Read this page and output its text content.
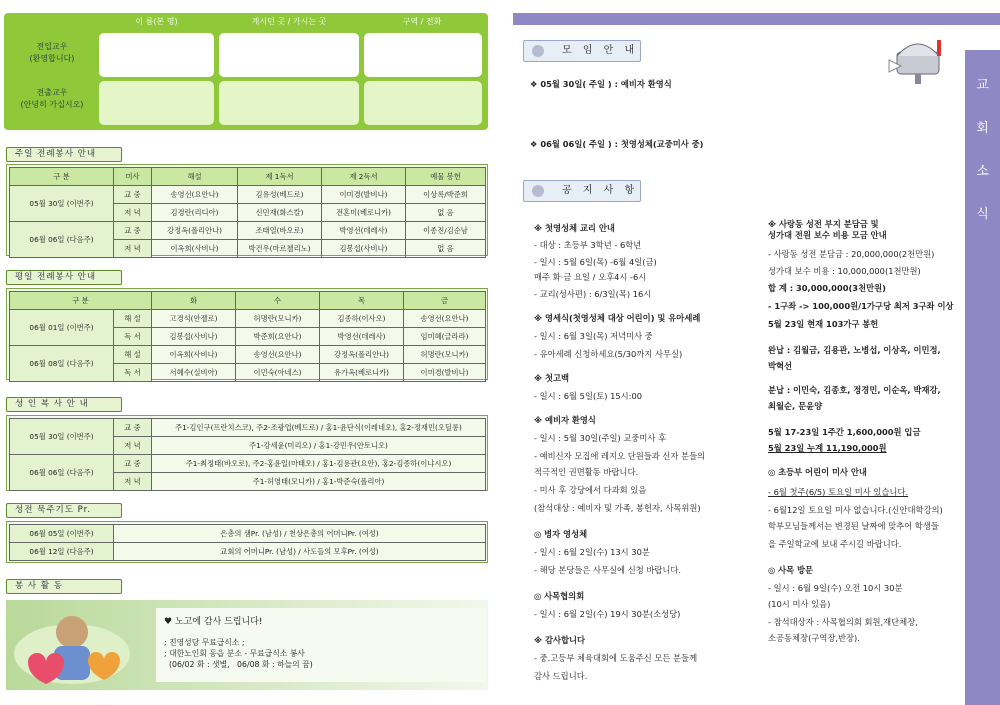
이 름(본 명)	계시던 곳 / 가시는 곳	구역 / 전화
전입교우
(환영합니다)
전출교우
(안녕히 가십시오)
주일 전례봉사 안내
구 분	미사	해설	제 1독서	제 2독서	예물 봉헌
05월 30일 (이번주)	교 중	송영선(요안나)	김유성(베드로)	이미경(발비나)	이상록/박준희
	저 녁	김경란(리디아)	신민재(화스칼)	전혼미(베로니카)	없 음
06월 06일 (다음주)	교 중	강정옥(폴리안나)	조태열(바오로)	박영선(데레사)	이종진/김순남
	저 녁	이옥희(사비나)	박건우(마르첼리노)	김봉섭(사비나)	없 음
평일 전례봉사 안내
구 분		화	수	목	금
06월 01일 (이번주)	해 설	고경석(안젤로)	허명란(모니카)	김종하(이사오)	송영선(요안나)
	독 서	김봉섭(사비나)	박준희(요안나)	박영선(데레사)	임미혜(글라라)
06월 08일 (다음주)	해 설	이옥희(사비나)	송영선(요안나)	강정옥(폴리안나)	허명란(모니카)
	독 서	서혜수(실비아)	이민숙(아네스)	유가옥(베로니카)	이미경(발비나)
성 인 복 사 안 내
05월 30일 (이번주)	교 중	주1-김인구(프란치스코), 주2-조광업(베드로) / 홍1-윤단식(이레네오), 홍2-정재민(오딜롱)
	저 녁	주1-강세윤(미리오) / 홍1-강민우(안토니오)
06월 06일 (다음주)	교 중	주1-최정태(바오로), 주2-홍윤일(마태오) / 홍1-김용관(요안), 홍2-김종하(이냐시오)
	저 녁	주1-허영태(모니카) / 홍1-박준숙(폴리아)
성전 묵주기도 Pr.
06월 05일 (이번주)	은총의 샘Pr. (남성) / 천상은총의 어머니Pr. (여성)
06월 12일 (다음주)	교회의 어머니Pr. (남성) / 사도들의 모후Pr. (여성)
봉 사 활 동
♥ 노고에 감사 드립니다!
; 진영성당 무료급식소 ;
; 대한노인회 동읍 분소 - 무료급식소 봉사
(06/02 화 : 샛별,   06/08 화 : 하늘의 꿈)
교
회
소
식
모 임 안 내
❖ 05월 30일( 주일 ) : 예비자 환영식
❖ 06월 06일( 주일 ) : 첫영성체(교중미사 중)
공 지 사 항
※ 첫영성체 교리 안내
- 대상 : 초등부 3학년 - 6학년
- 일시 : 5월 6일(목) -6월 4일(금)
매주 화·금 요일 / 오후4시 -6시
- 교리(성사편) : 6/3일(목) 16시
※ 영세식(첫영성체 대상 어린이) 및 유아세례
- 일시 : 6월 3일(목) 저녁미사 중
- 유아세례 신청하세요(5/30까지 사무실)
※ 첫고백
- 일시 : 6월 5일(토) 15시:00
※ 예비자 환영식
- 일시 : 5월 30일(주일) 교중미사 후
- 예비신자 모집에 레지오 단원들과 신자 분들의
적극적인 권면활동 바랍니다.
- 미사 후 강당에서 다과회 있음
(참석대상 : 예비자 및 가족, 봉헌자, 사목위원)
◎ 병자 영성체
- 일시 : 6월 2일(수) 13시 30분
- 해당 본당들은 사무실에 신청 바랍니다.
◎ 사목협의회
- 일시 : 6월 2일(수) 19시 30분(소성당)
※ 감사합니다
- 중.고등부 체육대회에 도움주신 모든 분들께
감사 드립니다.
※ 사랑동 성전 부지 분담금 및
성가대 전원 보수 비용 모금 안내
- 사랑동 성전 분담금 : 20,000,000(2천만원)
성가대 보수 비용 : 10,000,000(1천만원)
합 계 : 30,000,000(3천만원)
- 1구좌 -> 100,000원/1가구당 최저 3구좌 이상
5월 23일 현재 103가구 봉헌
완납 : 김월금, 김용관, 노병섭, 이상옥, 이민정,
박혁선
분납 : 이민숙, 김종호, 정경민, 이순옥, 박재강,
최월순, 문윤양
5월 17-23일 1주간 1,600,000원 입금
5월 23일 누계 11,190,000원
◎ 초등부 어린이 미사 안내
- 6월 첫주(6/5) 토요일 미사 있습니다.
- 6월12일 토요일 미사 없습니다.(신안대학강의)
학부모님들께서는 변경된 날짜에 맞추어 학생들
을 주일학교에 보내 주시길 바랍니다.
◎ 사목 방문
- 일시 : 6월 9일(수) 오전 10시 30분
(10시 미사 있음)
- 참석대상자 : 사목협의회 회원,재단체장,
소공동체장(구역장,반장).
